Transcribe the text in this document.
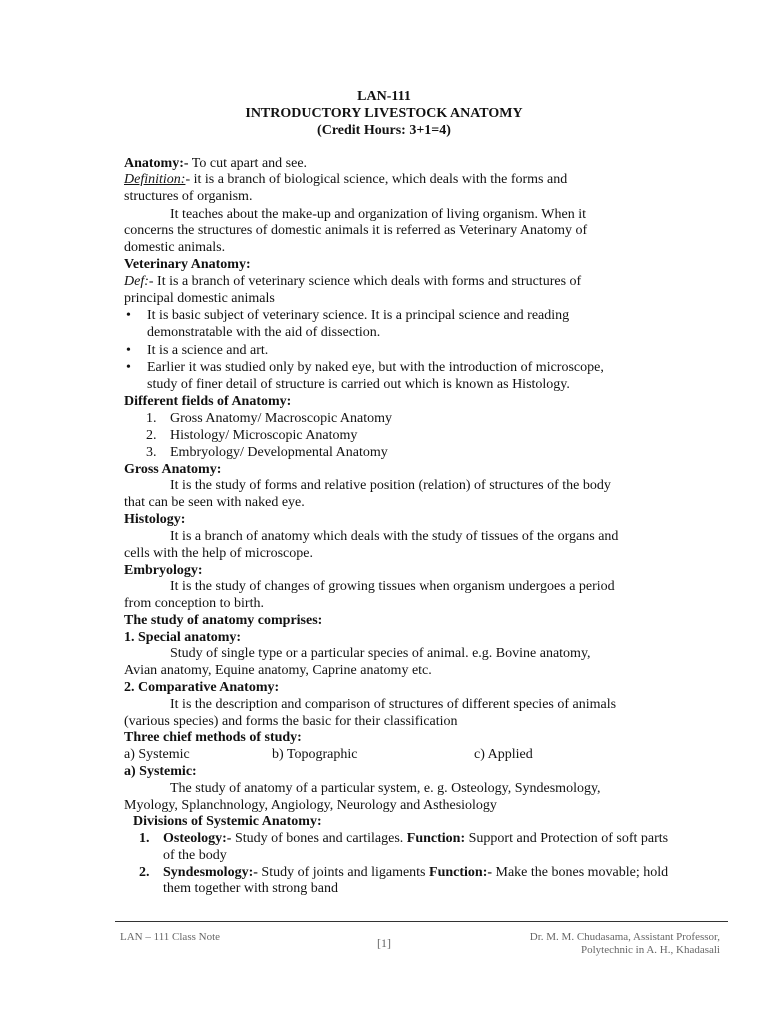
LAN-111
INTRODUCTORY LIVESTOCK ANATOMY
(Credit Hours: 3+1=4)
Anatomy:- To cut apart and see.
Definition:- it is a branch of biological science, which deals with the forms and
structures of organism.
It teaches about the make-up and organization of living organism. When it
concerns the structures of domestic animals it is referred as Veterinary Anatomy of
domestic animals.
Veterinary Anatomy:
Def:- It is a branch of veterinary science which deals with forms and structures of
principal domestic animals
• It is basic subject of veterinary science. It is a principal science and reading
demonstratable with the aid of dissection.
• It is a science and art.
• Earlier it was studied only by naked eye, but with the introduction of microscope,
study of finer detail of structure is carried out which is known as Histology.
Different fields of Anatomy:
1. Gross Anatomy/ Macroscopic Anatomy
2. Histology/ Microscopic Anatomy
3. Embryology/ Developmental Anatomy
Gross Anatomy:
It is the study of forms and relative position (relation) of structures of the body
that can be seen with naked eye.
Histology:
It is a branch of anatomy which deals with the study of tissues of the organs and
cells with the help of microscope.
Embryology:
It is the study of changes of growing tissues when organism undergoes a period
from conception to birth.
The study of anatomy comprises:
1. Special anatomy:
Study of single type or a particular species of animal. e.g. Bovine anatomy,
Avian anatomy, Equine anatomy, Caprine anatomy etc.
2. Comparative Anatomy:
It is the description and comparison of structures of different species of animals
(various species) and forms the basic for their classification
Three chief methods of study:
a) Systemic	b) Topographic	c) Applied
a) Systemic:
The study of anatomy of a particular system, e. g. Osteology, Syndesmology,
Myology, Splanchnology, Angiology, Neurology and Asthesiology
Divisions of Systemic Anatomy:
1. Osteology:- Study of bones and cartilages. Function: Support and Protection of soft parts
of the body
2. Syndesmology:- Study of joints and ligaments Function:- Make the bones movable; hold
them together with strong band
LAN – 111 Class Note	[1]	Dr. M. M. Chudasama, Assistant Professor,
Polytechnic in A. H., Khadasali
